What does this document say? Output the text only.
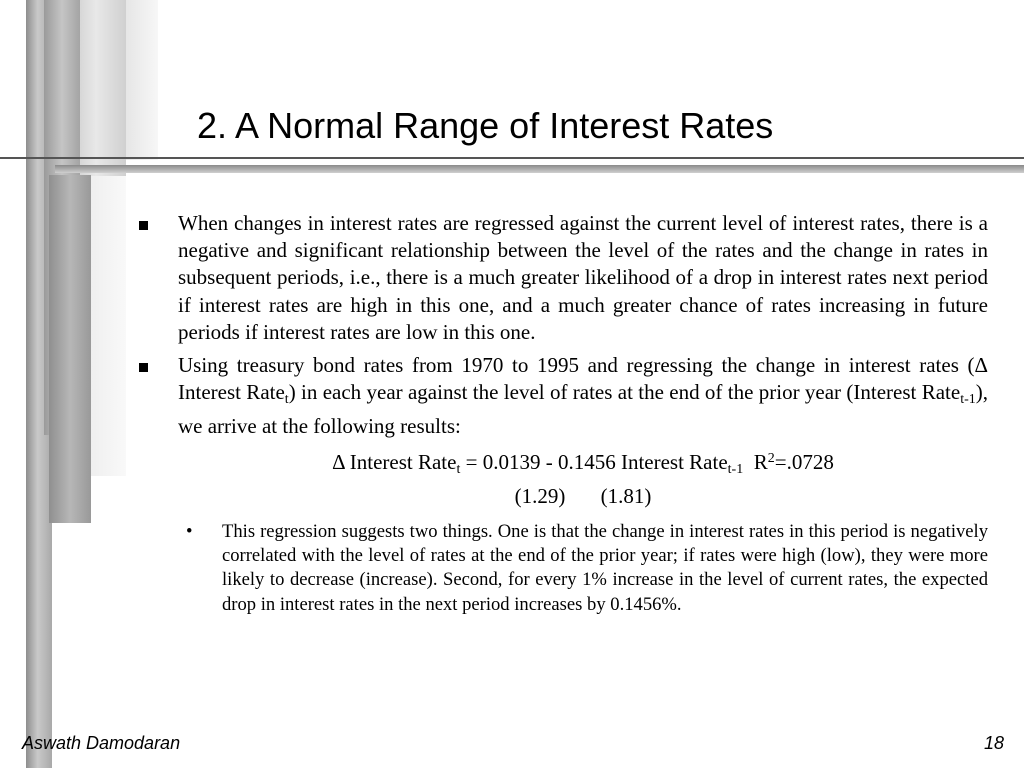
2. A Normal Range of Interest Rates

When changes in interest rates are regressed against the current level of interest rates, there is a negative and significant relationship between the level of the rates and the change in rates in subsequent periods, i.e., there is a much greater likelihood of a drop in interest rates next period if interest rates are high in this one, and a much greater chance of rates increasing in future periods if interest rates are low in this one.

Using treasury bond rates from 1970 to 1995 and regressing the change in interest rates (Δ Interest Rate$_t$) in each year against the level of rates at the end of the prior year (Interest Rate$_{t-1}$), we arrive at the following results:

Δ Interest Rate$_t$ = 0.0139 - 0.1456 Interest Rate$_{t-1}$  $R^2=.0728$
(1.29) (1.81)
• This regression suggests two things. One is that the change in interest rates in this period is negatively correlated with the level of rates at the end of the prior year; if rates were high (low), they were more likely to decrease (increase). Second, for every 1% increase in the level of current rates, the expected drop in interest rates in the next period increases by 0.1456%.
Aswath Damodaran	18
